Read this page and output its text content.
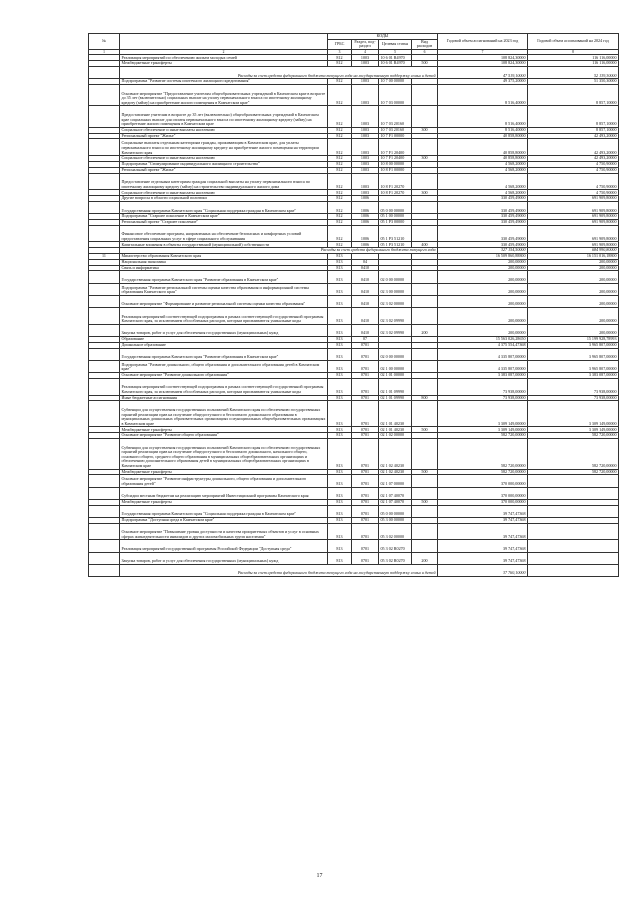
№		КОДЫ				Годовой объем ассигнований на 2023 год	Годовой объем ассигнований на 2024 год
		ГРБС	Раздел, под-раздел	Целевая статья	Вид расходов		
1	2	3	4	5	6	7	8
	Реализация мероприятий по обеспечению жильем молодых семей	812	1003	10 6 01 R4970		108 824,30000	116 116,00000
	Межбюджетные трансферты	812	1003	10 6 01 R4970	500	108 824,30000	116 116,00000
	Расходы за счет средств федерального бюджета текущего года на государственную поддержку семьи и детей					47 519,10000	52 139,30000
	Подпрограмма "Развитие системы ипотечного жилищного кредитования"	812	1003	10 7 00 00000		49 375,20000	51 350,30000
	Основное мероприятие "Предоставление учителям общеобразовательных учреждений в Камчатском крае в возрасте до 35 лет (включительно) социальных выплат на уплату первоначального взноса по ипотечному жилищному кредиту (займу) на приобретение жилого помещения в Камчатском крае"	812	1003	10 7 03 00000		8 516,40000	8 857,10000
	Предоставление учителям в возрасте до 35 лет (включительно) общеобразовательных учреждений в Камчатском крае социальных выплат для оплаты первоначального взноса по ипотечному жилищному кредиту (займу) на приобретение жилого помещения в Камчатском крае	812	1003	10 7 03 20160		8 516,40000	8 857,10000
	Социальное обеспечение и иные выплаты населению	812	1003	10 7 03 20160	300	8 516,40000	8 857,10000
	Региональный проект "Жилье"	812	1003	10 7 F1 00000		40 858,80000	42 493,20000
	Социальные выплаты отдельным категориям граждан, проживающим в Камчатском крае, для уплаты первоначального взноса по ипотечному жилищному кредиту на приобретение жилого помещения на территории Камчатского края	812	1003	10 7 F1 20400		40 858,80000	42 493,20000
	Социальное обеспечение и иные выплаты населению	812	1003	10 7 F1 20400	300	40 858,80000	42 493,20000
	Подпрограмма "Стимулирование индивидуального жилищного строительства"	812	1003	10 8 00 00000		4 568,20000	4 750,90000
	Региональный проект "Жилье"	812	1003	10 8 F1 00000		4 568,20000	4 750,90000
	Предоставление отдельным категориям граждан социальной выплаты на уплату первоначального взноса по ипотечному жилищному кредиту (займу) на строительство индивидуального жилого дома	812	1003	10 8 F1 20270		4 568,20000	4 750,90000
	Социальное обеспечение и иные выплаты населению	812	1003	10 8 F1 20270	300	4 568,20000	4 750,90000
	Другие вопросы в области социальной политики	812	1006			330 459,49000	691 909,80000
	Государственная программа Камчатского края "Социальная поддержка граждан в Камчатском крае"	812	1006	05 0 00 00000		330 459,49000	691 909,80000
	Подпрограмма "Старшее поколение в Камчатском крае"	812	1006	05 1 00 00000		330 459,49000	691 909,80000
	Региональный проект "Старшее поколение"	812	1006	05 1 P3 00000		330 459,49000	691 909,80000
	Финансовое обеспечение программ, направленных на обеспечение безопасных и комфортных условий предоставления социальных услуг в сфере социального обслуживания	812	1006	05 1 P3 51210		330 459,49000	691 909,80000
	Капитальные вложения в объекты государственной (муниципальной) собственности	812	1006	05 1 P3 51210	400	330 459,49000	691 909,80000
	Расходы за счет средств федерального бюджета текущего года					327 154,50000	684 990,80000
11	Министерство образования Камчатского края	813				16 509 860,88800	16 151 016,18800
	Национальная экономика	813	04			200,00000	200,00000
	Связь и информатика	813	0410			200,00000	200,00000
	Государственная программа Камчатского края "Развитие образования в Камчатском крае"	813	0410	02 0 00 00000		200,00000	200,00000
	Подпрограмма "Развитие региональной системы оценки качества образования и информационной системы образования Камчатского края"	813	0410	02 3 00 00000		200,00000	200,00000
	Основное мероприятие "Формирование и развитие региональной системы оценки качества образования"	813	0410	02 3 02 00000		200,00000	200,00000
	Реализация мероприятий соответствующей подпрограммы в рамках соответствующей государственной программы Камчатского края, за исключением обособленных расходов, которым присваиваются уникальные коды	813	0410	02 3 02 09990		200,00000	200,00000
	Закупка товаров, работ и услуг для обеспечения государственных (муниципальных) нужд	813	0410	02 3 02 09990	200	200,00000	200,00000
	Образование	813	07			15 563 026,28650	15 199 928,78993
	Дошкольное образование	813	0701			4 375 554,47368	3 965 807,00000
	Государственная программа Камчатского края "Развитие образования в Камчатском крае"	813	0701	02 0 00 00000		4 335 807,00000	3 965 807,00000
	Подпрограмма "Развитие дошкольного, общего образования и дополнительного образования детей в Камчатском крае"	813	0701	02 1 00 00000		4 335 807,00000	3 965 807,00000
	Основное мероприятие "Развитие дошкольного образования"	813	0701	02 1 01 00000		3 383 087,00000	3 383 087,00000
	Реализация мероприятий соответствующей подпрограммы в рамках соответствующей государственной программы Камчатского края, за исключением обособленных расходов, которым присваиваются уникальные коды	813	0701	02 1 01 09990		73 938,00000	73 938,00000
	Иные бюджетные ассигнования	813	0701	02 1 01 09990	800	73 938,00000	73 938,00000
	Субвенции для осуществления государственных полномочий Камчатского края по обеспечению государственных гарантий реализации прав на получение общедоступного и бесплатного дошкольного образования в муниципальных дошкольных образовательных организациях и муниципальных общеобразовательных организациях в Камчатском крае	813	0701	02 1 01 40230		3 309 149,00000	3 309 149,00000
	Межбюджетные трансферты	813	0701	02 1 01 40230	500	3 309 149,00000	3 309 149,00000
	Основное мероприятие "Развитие общего образования"	813	0701	02 1 02 00000		582 720,00000	582 720,00000
	Субвенции для осуществления государственных полномочий Камчатского края по обеспечению государственных гарантий реализации прав на получение общедоступного и бесплатного дошкольного, начального общего, основного общего, среднего общего образования в муниципальных общеобразовательных организациях и обеспечению дополнительного образования детей в муниципальных общеобразовательных организациях в Камчатском крае	813	0701	02 1 02 40230		582 720,00000	582 720,00000
	Межбюджетные трансферты	813	0701	02 1 02 40230	500	582 720,00000	582 720,00000
	Основное мероприятие "Развитие инфраструктуры дошкольного, общего образования и дополнительного образования детей"	813	0701	02 1 07 00000		370 000,00000	
	Субсидии местным бюджетам на реализацию мероприятий Инвестиционной программы Камчатского края	813	0701	02 1 07 40070		370 000,00000	
	Межбюджетные трансферты	813	0701	02 1 07 40070	500	370 000,00000	
	Государственная программа Камчатского края "Социальная поддержка граждан в Камчатском крае"	813	0701	05 0 00 00000		39 747,47368	
	Подпрограмма "Доступная среда в Камчатском крае"	813	0701	05 3 00 00000		39 747,47368	
	Основное мероприятие "Повышение уровня доступности и качества приоритетных объектов и услуг в основных сферах жизнедеятельности инвалидов и других маломобильных групп населения"	813	0701	05 3 02 00000		39 747,47368	
	Реализация мероприятий государственной программы Российской Федерации "Доступная среда"	813	0701	05 3 02 R0270		39 747,47368	
	Закупка товаров, работ и услуг для обеспечения государственных (муниципальных) нужд	813	0701	05 3 02 R0270	200	39 747,47368	
	Расходы за счет средств федерального бюджета текущего года на государственную поддержку семьи и детей					37 760,10000	
17
